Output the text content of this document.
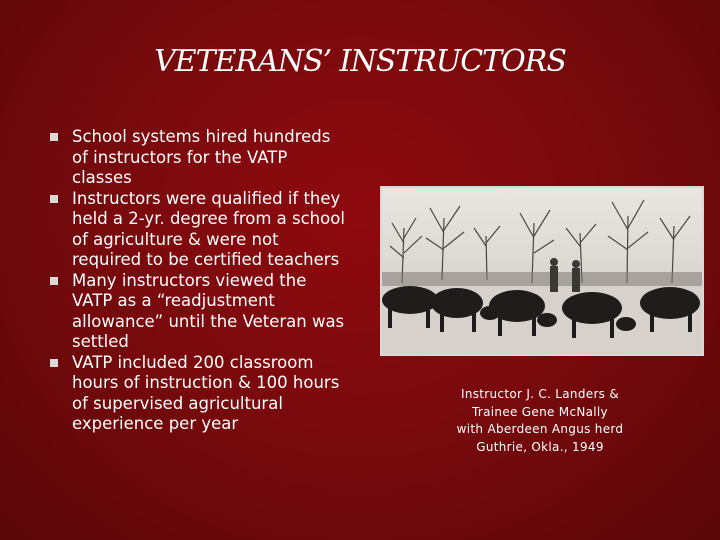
VETERANS’ INSTRUCTORS
School systems hired hundreds of instructors for the VATP classes
Instructors were qualified if they held a 2-yr. degree from a school of agriculture & were not required to be certified teachers
Many instructors viewed the VATP as a “readjustment allowance” until the Veteran was settled
VATP included 200 classroom hours of instruction & 100 hours of supervised agricultural experience per year
Instructor J. C. Landers &
Trainee Gene McNally
with Aberdeen Angus herd
Guthrie, Okla., 1949
